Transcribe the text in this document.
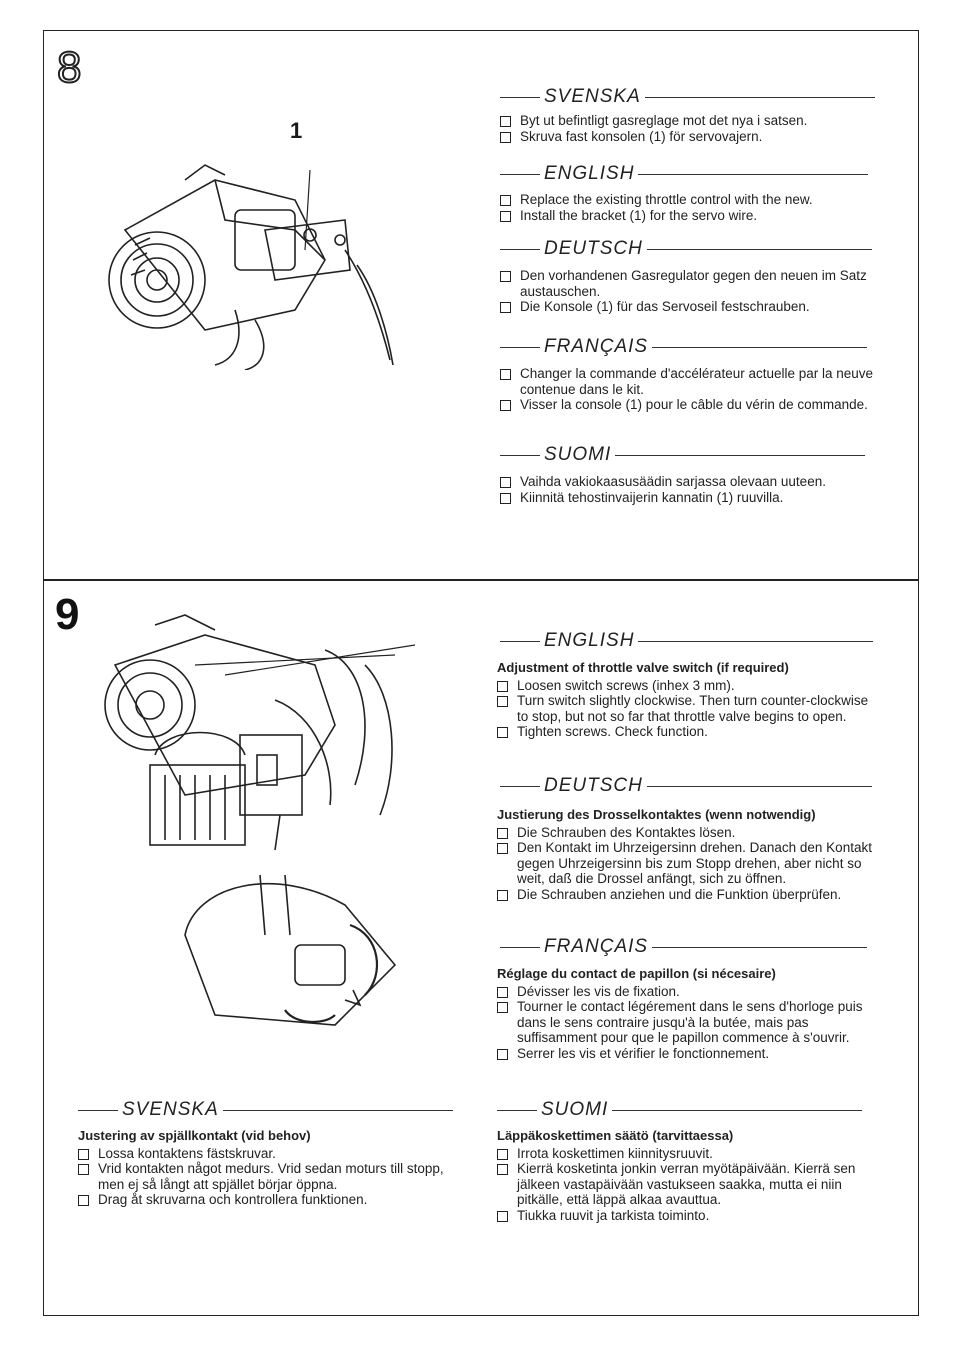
8
9
1
SVENSKA
Byt ut befintligt gasreglage mot det nya i satsen.
Skruva fast konsolen (1) för servovajern.
ENGLISH
Replace the existing throttle control with the new.
Install the bracket (1) for the servo wire.
DEUTSCH
Den vorhandenen Gasregulator gegen den neuen im Satz austauschen.
Die Konsole (1) für das Servoseil festschrauben.
FRANÇAIS
Changer la commande d'accélérateur actuelle par la neuve contenue dans le kit.
Visser la console (1) pour le câble du vérin de commande.
SUOMI
Vaihda vakiokaasusäädin sarjassa olevaan uuteen.
Kiinnitä tehostinvaijerin kannatin (1) ruuvilla.
ENGLISH
Adjustment of throttle valve switch (if required)
Loosen switch screws (inhex 3 mm).
Turn switch slightly clockwise. Then turn counter-clockwise to stop, but not so far that throttle valve begins to open.
Tighten screws. Check function.
DEUTSCH
Justierung des Drosselkontaktes (wenn notwendig)
Die Schrauben des Kontaktes lösen.
Den Kontakt im Uhrzeigersinn drehen. Danach den Kontakt gegen Uhrzeigersinn bis zum Stopp drehen, aber nicht so weit, daß die Drossel anfängt, sich zu öffnen.
Die Schrauben anziehen und die Funktion überprüfen.
FRANÇAIS
Réglage du contact de papillon (si nécesaire)
Dévisser les vis de fixation.
Tourner le contact légérement dans le sens d'horloge puis dans le sens contraire jusqu'à la butée, mais pas suffisamment pour que le papillon commence à s'ouvrir.
Serrer les vis et vérifier le fonctionnement.
SVENSKA
Justering av spjällkontakt (vid behov)
Lossa kontaktens fästskruvar.
Vrid kontakten något medurs. Vrid sedan moturs till stopp, men ej så långt att spjället börjar öppna.
Drag åt skruvarna och kontrollera funktionen.
SUOMI
Läppäkoskettimen säätö (tarvittaessa)
Irrota koskettimen kiinnitysruuvit.
Kierrä kosketinta jonkin verran myötäpäivään. Kierrä sen jälkeen vastapäivään vastukseen saakka, mutta ei niin pitkälle, että läppä alkaa avauttua.
Tiukka ruuvit ja tarkista toiminto.
